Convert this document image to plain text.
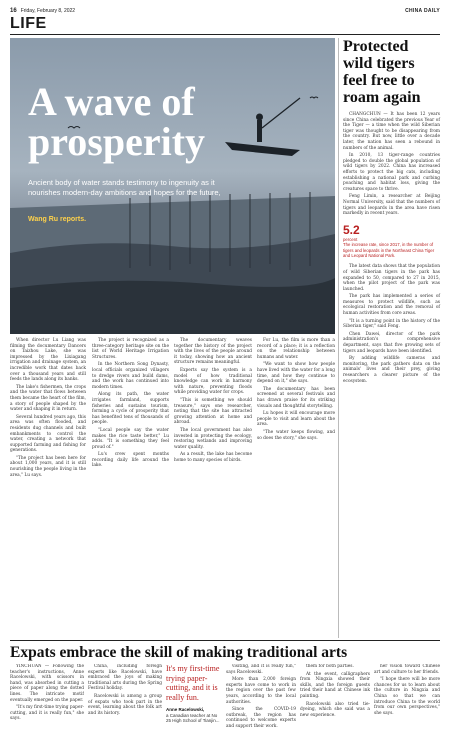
16 Friday, February 8, 2022	CHINA DAILY
LIFE
A wave of
prosperity
Ancient body of water stands testimony to ingenuity as it nourishes modern-day ambitions and hopes for the future,
Wang Ru reports.
Protected wild tigers feel free to roam again

CHANGCHUN — It has been 12 years since China celebrated the previous Year of the Tiger — a time when the wild Siberian tiger was thought to be disappearing from the country. But now, little over a decade later, the nation has seen a rebound in numbers of the animal.

In 2010, 13 tiger-range countries pledged to double the global population of wild tigers by 2022. China has increased efforts to protect the big cats, including establishing a national park and curbing poaching and habitat loss, giving the creatures space to thrive.

Feng Limin, a researcher at Beijing Normal University, said that the numbers of tigers and leopards in the area have risen markedly in recent years.

5.2
percent
The increase rate, since 2017, in the number of tigers and leopards in the Northeast China Tiger and Leopard National Park.

The latest data shows that the population of wild Siberian tigers in the park has expanded to 50, compared to 27 in 2015, when the pilot project of the park was launched.

The park has implemented a series of measures to protect wildlife, such as ecological restoration and the removal of human activities from core areas.

"It is a turning point in the history of the Siberian tiger," said Feng.

Chen Dawei, director of the park administration's comprehensive department, says that five growing sets of tigers and leopards have been identified.

By adding wildlife cameras and monitoring, the park gathers data on the animals' lives and their prey, giving researchers a clearer picture of the ecosystem.

When director Lu Liang was filming the documentary Dancers on Taizhou Lake, she was impressed by the Lixiagang irrigation and drainage system, an incredible work that dates back over a thousand years and still feeds the lands along its banks.

The lake's fishermen, the crops and the water that flows between them became the heart of the film, a story of people shaped by the water and shaping it in return.

Several hundred years ago, this area was often flooded, and residents dug channels and built embankments to control the water, creating a network that supported farming and fishing for generations.

"The project has been here for about 1,000 years, and it is still nourishing the people living in the area," Lu says.

The project is recognized as a three-category heritage site on the list of World Heritage Irrigation Structures.

In the Northern Song Dynasty, local officials organized villagers to dredge rivers and build dams, and the work has continued into modern times.

Along its path, the water irrigates farmland, supports fisheries and sustains tourism, forming a cycle of prosperity that has benefited tens of thousands of people.

"Local people say the water makes the rice taste better," Lu adds. "It is something they feel proud of."

Lu's crew spent months recording daily life around the lake.

The documentary weaves together the history of the project with the lives of the people around it today, showing how an ancient structure remains meaningful.

Experts say the system is a model of how traditional knowledge can work in harmony with nature, preventing floods while providing water for crops.

"This is something we should treasure," says one researcher, noting that the site has attracted growing attention at home and abroad.

The local government has also invested in protecting the ecology, restoring wetlands and improving water quality.

As a result, the lake has become home to many species of birds.

For Lu, the film is more than a record of a place; it is a reflection on the relationship between humans and water.

"We want to show how people have lived with the water for a long time, and how they continue to depend on it," she says.

The documentary has been screened at several festivals and has drawn praise for its striking visuals and thoughtful storytelling.

Lu hopes it will encourage more people to visit and learn about the area.

"The water keeps flowing, and so does the story," she says.

Expats embrace the skill of making traditional arts

YINCHUAN — Following the teacher's instructions, Anne Racelowski, with scissors in hand, was absorbed in cutting a piece of paper along the dotted lines. The intricate motif eventually emerged on the paper.

"It's my first-time trying paper-cutting, and it is really fun," she says.

China, including foreign experts like Racelowski, have embraced the joys of making traditional arts during the Spring Festival holiday.

Racelowski is among a group of expats who took part in the event, learning about the folk art and its history.

It's my first-time trying paper-cutting, and it is really fun.
Anne Racelowski,
a Canadian teacher at No 25 High School of Tianjin...

visiting, and it is really fun," says Racelowski.

More than 2,000 foreign experts have come to work in the region over the past few years, according to the local authorities.

Since the COVID-19 outbreak, the region has continued to welcome experts and support their work.

them for both parties.

At the event, calligraphers from Ningxia showed their skills, and the foreign guests tried their hand at Chinese ink painting.

Racelowski also tried tie-dyeing, which she said was a new experience.

her vision toward Chinese art and culture to her friends.

"I hope there will be more chances for us to learn about the culture in Ningxia and China so that we can introduce China to the world from our own perspectives," she says.
